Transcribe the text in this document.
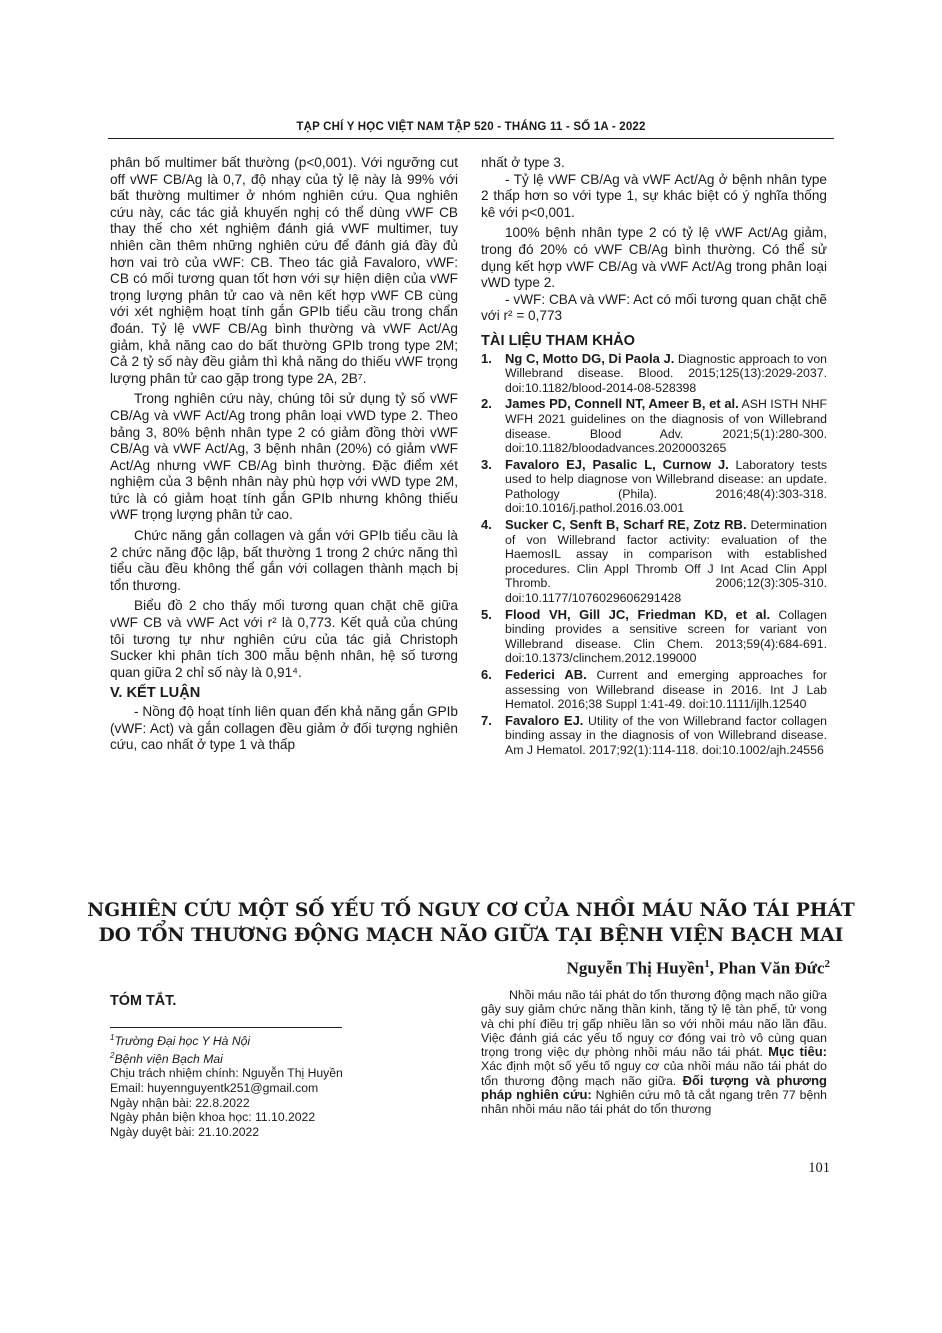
TẠP CHÍ Y HỌC VIỆT NAM TẬP 520 - THÁNG 11 - SỐ 1A - 2022

phân bố multimer bất thường (p<0,001). Với ngưỡng cut off vWF CB/Ag là 0,7, độ nhạy của tỷ lệ này là 99% với bất thường multimer ở nhóm nghiên cứu. Qua nghiên cứu này, các tác giả khuyến nghị có thể dùng vWF CB thay thế cho xét nghiệm đánh giá vWF multimer, tuy nhiên cần thêm những nghiên cứu để đánh giá đầy đủ hơn vai trò của vWF: CB. Theo tác giả Favaloro, vWF: CB có mối tương quan tốt hơn với sự hiện diện của vWF trọng lượng phân tử cao và nên kết hợp vWF CB cùng với xét nghiệm hoạt tính gắn GPIb tiểu cầu trong chẩn đoán. Tỷ lệ vWF CB/Ag bình thường và vWF Act/Ag giảm, khả năng cao do bất thường GPIb trong type 2M; Cả 2 tỷ số này đều giảm thì khả năng do thiếu vWF trọng lượng phân tử cao gặp trong type 2A, 2B⁷.

Trong nghiên cứu này, chúng tôi sử dụng tỷ số vWF CB/Ag và vWF Act/Ag trong phân loại vWD type 2. Theo bảng 3, 80% bệnh nhân type 2 có giảm đồng thời vWF CB/Ag và vWF Act/Ag, 3 bệnh nhân (20%) có giảm vWF Act/Ag nhưng vWF CB/Ag bình thường. Đặc điểm xét nghiệm của 3 bệnh nhân này phù hợp với vWD type 2M, tức là có giảm hoạt tính gắn GPIb nhưng không thiếu vWF trọng lượng phân tử cao.

Chức năng gắn collagen và gắn với GPIb tiểu cầu là 2 chức năng độc lập, bất thường 1 trong 2 chức năng thì tiểu cầu đều không thể gắn với collagen thành mạch bị tổn thương.

Biểu đồ 2 cho thấy mối tương quan chặt chẽ giữa vWF CB và vWF Act với r² là 0,773. Kết quả của chúng tôi tương tự như nghiên cứu của tác giả Christoph Sucker khi phân tích 300 mẫu bệnh nhân, hệ số tương quan giữa 2 chỉ số này là 0,91⁴.

V. KẾT LUẬN

- Nồng độ hoạt tính liên quan đến khả năng gắn GPIb (vWF: Act) và gắn collagen đều giảm ở đối tượng nghiên cứu, cao nhất ở type 1 và thấp

nhất ở type 3.

- Tỷ lệ vWF CB/Ag và vWF Act/Ag ở bệnh nhân type 2 thấp hơn so với type 1, sự khác biệt có ý nghĩa thống kê với p<0,001.

100% bệnh nhân type 2 có tỷ lệ vWF Act/Ag giảm, trong đó 20% có vWF CB/Ag bình thường. Có thể sử dụng kết hợp vWF CB/Ag và vWF Act/Ag trong phân loại vWD type 2.

- vWF: CBA và vWF: Act có mối tương quan chặt chẽ với r² = 0,773

TÀI LIỆU THAM KHẢO
1. Ng C, Motto DG, Di Paola J. Diagnostic approach to von Willebrand disease. Blood. 2015;125(13):2029-2037. doi:10.1182/blood-2014-08-528398
2. James PD, Connell NT, Ameer B, et al. ASH ISTH NHF WFH 2021 guidelines on the diagnosis of von Willebrand disease. Blood Adv. 2021;5(1):280-300. doi:10.1182/bloodadvances.2020003265
3. Favaloro EJ, Pasalic L, Curnow J. Laboratory tests used to help diagnose von Willebrand disease: an update. Pathology (Phila). 2016;48(4):303-318. doi:10.1016/j.pathol.2016.03.001
4. Sucker C, Senft B, Scharf RE, Zotz RB. Determination of von Willebrand factor activity: evaluation of the HaemosIL assay in comparison with established procedures. Clin Appl Thromb Off J Int Acad Clin Appl Thromb. 2006;12(3):305-310. doi:10.1177/1076029606291428
5. Flood VH, Gill JC, Friedman KD, et al. Collagen binding provides a sensitive screen for variant von Willebrand disease. Clin Chem. 2013;59(4):684-691. doi:10.1373/clinchem.2012.199000
6. Federici AB. Current and emerging approaches for assessing von Willebrand disease in 2016. Int J Lab Hematol. 2016;38 Suppl 1:41-49. doi:10.1111/ijlh.12540
7. Favaloro EJ. Utility of the von Willebrand factor collagen binding assay in the diagnosis of von Willebrand disease. Am J Hematol. 2017;92(1):114-118. doi:10.1002/ajh.24556
NGHIÊN CỨU MỘT SỐ YẾU TỐ NGUY CƠ CỦA NHỒI MÁU NÃO TÁI PHÁT
DO TỔN THƯƠNG ĐỘNG MẠCH NÃO GIỮA TẠI BỆNH VIỆN BẠCH MAI
Nguyễn Thị Huyền$^1$, Phan Văn Đức$^2$
TÓM TẮT.
$^1$Trường Đại học Y Hà Nội
$^2$Bệnh viện Bạch Mai
Chịu trách nhiệm chính: Nguyễn Thị Huyền
Email: huyennguyentk251@gmail.com
Ngày nhận bài: 22.8.2022
Ngày phản biện khoa học: 11.10.2022
Ngày duyệt bài: 21.10.2022
Nhồi máu não tái phát do tổn thương động mạch não giữa gây suy giảm chức năng thần kinh, tăng tỷ lệ tàn phế, tử vong và chi phí điều trị gấp nhiều lần so với nhồi máu não lần đầu. Việc đánh giá các yếu tố nguy cơ đóng vai trò vô cùng quan trọng trong việc dự phòng nhồi máu não tái phát. Mục tiêu: Xác định một số yếu tố nguy cơ của nhồi máu não tái phát do tổn thương động mạch não giữa. Đối tượng và phương pháp nghiên cứu: Nghiên cứu mô tả cắt ngang trên 77 bệnh nhân nhồi máu não tái phát do tổn thương
101
